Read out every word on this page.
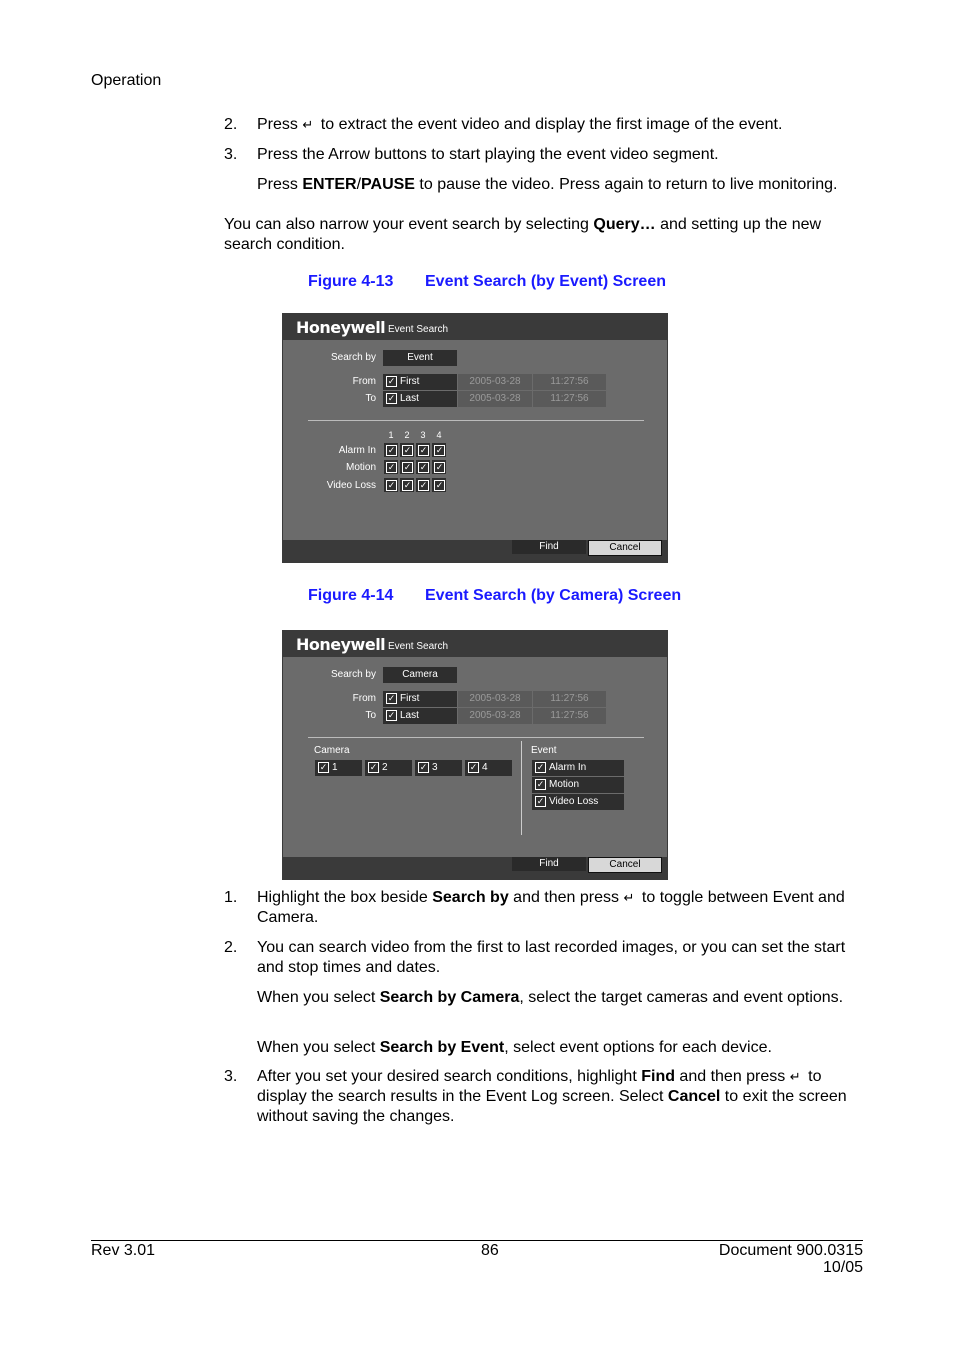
Operation
2. Press ↵ to extract the event video and display the first image of the event.
3. Press the Arrow buttons to start playing the event video segment.
Press ENTER/PAUSE to pause the video. Press again to return to live monitoring.
You can also narrow your event search by selecting Query… and setting up the new search condition.
Figure 4-13 Event Search (by Event) Screen
Honeywell Event Search
Search by	Event
From	✓ First	2005-03-28	11:27:56
To	✓ Last	2005-03-28	11:27:56
1	2	3	4
Alarm In ✓ ✓ ✓ ✓
Motion ✓ ✓ ✓ ✓
Video Loss ✓ ✓ ✓ ✓
Find	Cancel
Figure 4-14 Event Search (by Camera) Screen
Honeywell Event Search
Search by	Camera
From	✓ First	2005-03-28	11:27:56
To	✓ Last	2005-03-28	11:27:56
Camera
✓ 1	✓ 2	✓ 3	✓ 4
Event
✓ Alarm In
✓ Motion
✓ Video Loss
Find	Cancel
1. Highlight the box beside Search by and then press ↵ to toggle between Event and Camera.
2. You can search video from the first to last recorded images, or you can set the start and stop times and dates.
When you select Search by Camera, select the target cameras and event options.
When you select Search by Event, select event options for each device.
3. After you set your desired search conditions, highlight Find and then press ↵ to display the search results in the Event Log screen. Select Cancel to exit the screen without saving the changes.
Rev 3.01	86	Document 900.0315
10/05
